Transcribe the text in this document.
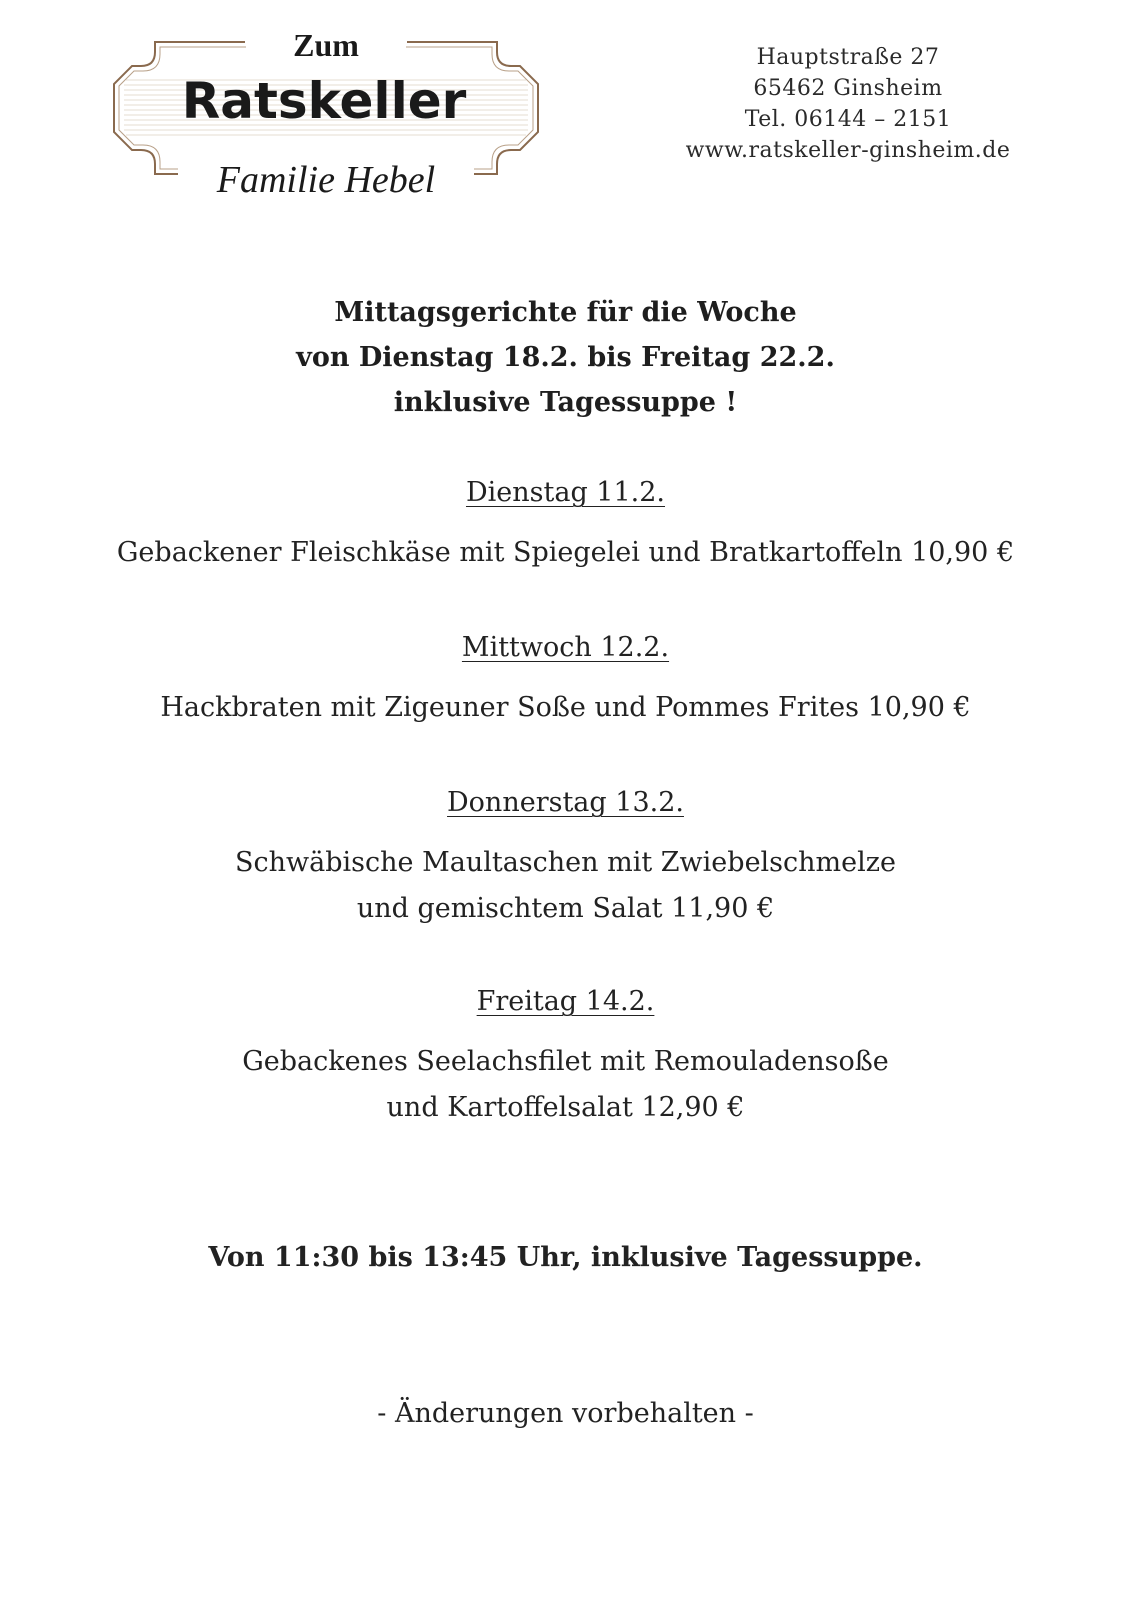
Zum
Ratskeller
Familie Hebel
Hauptstraße 27
65462 Ginsheim
Tel. 06144 – 2151
www.ratskeller-ginsheim.de
Mittagsgerichte für die Woche
von Dienstag 18.2. bis Freitag 22.2.
inklusive Tagessuppe !
Dienstag 11.2.
Gebackener Fleischkäse mit Spiegelei und Bratkartoffeln 10,90 €
Mittwoch 12.2.
Hackbraten mit Zigeuner Soße und Pommes Frites 10,90 €
Donnerstag 13.2.
Schwäbische Maultaschen mit Zwiebelschmelze
und gemischtem Salat 11,90 €
Freitag 14.2.
Gebackenes Seelachsfilet mit Remouladensoße
und Kartoffelsalat 12,90 €
Von 11:30 bis 13:45 Uhr, inklusive Tagessuppe.
- Änderungen vorbehalten -
